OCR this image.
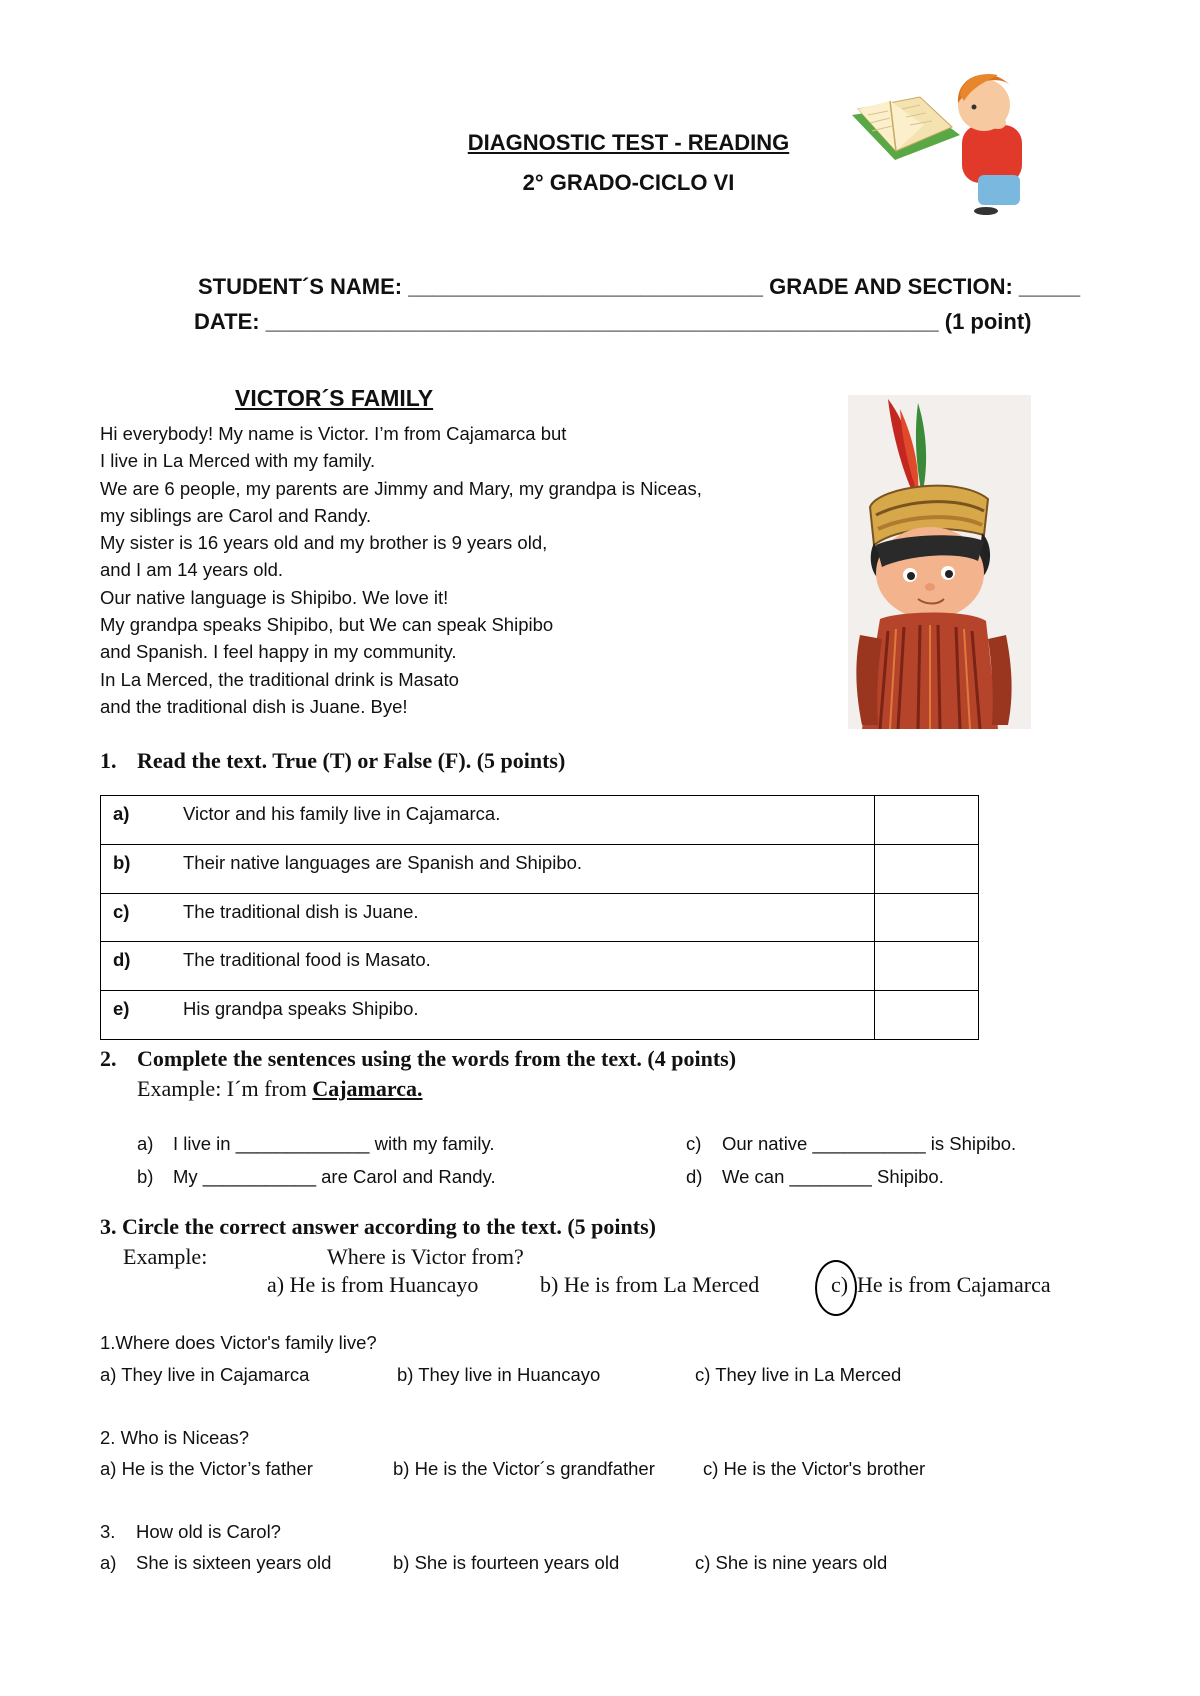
DIAGNOSTIC TEST - READING
2° GRADO-CICLO VI
STUDENT´S NAME: _____________________________ GRADE AND SECTION: _____
DATE: _______________________________________________________ (1 point)
VICTOR´S FAMILY
Hi everybody! My name is Victor. I’m from Cajamarca but
I live in La Merced with my family.
We are 6 people, my parents are Jimmy and Mary, my grandpa is Niceas,
my siblings are Carol and Randy.
My sister is 16 years old and my brother is 9 years old,
and I am 14 years old.
Our native language is Shipibo. We love it!
My grandpa speaks Shipibo, but We can speak Shipibo
and Spanish. I feel happy in my community.
In La Merced, the traditional drink is Masato
and the traditional dish is Juane. Bye!
1. Read the text. True (T) or False (F). (5 points)
a) Victor and his family live in Cajamarca.	
b) Their native languages are Spanish and Shipibo.	
c) The traditional dish is Juane.	
d) The traditional food is Masato.	
e) His grandpa speaks Shipibo.	
2. Complete the sentences using the words from the text. (4 points)
Example: I´m from Cajamarca.
a) I live in _____________ with my family.
b) My ___________ are Carol and Randy.
c) Our native ___________ is Shipibo.
d) We can ________ Shipibo.
3. Circle the correct answer according to the text. (5 points)
Example:	Where is Victor from?
a) He is from Huancayo	b) He is from La Merced	c) He is from Cajamarca
1.Where does Victor's family live?
a) They live in Cajamarca	b) They live in Huancayo	c) They live in La Merced
2. Who is Niceas?
a) He is the Victor’s father	b) He is the Victor´s grandfather	c) He is the Victor's brother
3. How old is Carol?
a) She is sixteen years old	b) She is fourteen years old	c) She is nine years old
